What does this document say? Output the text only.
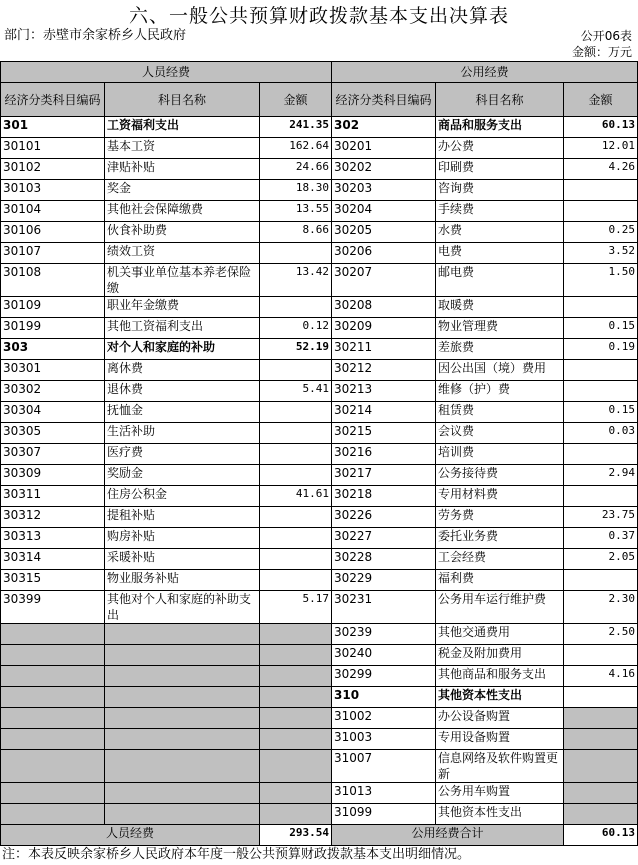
六、一般公共预算财政拨款基本支出决算表
部门：赤壁市余家桥乡人民政府	公开06表
金额：万元
人员经费			公用经费		
经济分类科目编码	科目名称	金额	经济分类科目编码	科目名称	金额
301	工资福利支出	241.35	302	商品和服务支出	60.13
30101	基本工资	162.64	30201	办公费	12.01
30102	津贴补贴	24.66	30202	印刷费	4.26
30103	奖金	18.30	30203	咨询费	
30104	其他社会保障缴费	13.55	30204	手续费	
30106	伙食补助费	8.66	30205	水费	0.25
30107	绩效工资		30206	电费	3.52
30108	机关事业单位基本养老保险缴	13.42	30207	邮电费	1.50
30109	职业年金缴费		30208	取暖费	
30199	其他工资福利支出	0.12	30209	物业管理费	0.15
303	对个人和家庭的补助	52.19	30211	差旅费	0.19
30301	离休费		30212	因公出国（境）费用	
30302	退休费	5.41	30213	维修（护）费	
30304	抚恤金		30214	租赁费	0.15
30305	生活补助		30215	会议费	0.03
30307	医疗费		30216	培训费	
30309	奖励金		30217	公务接待费	2.94
30311	住房公积金	41.61	30218	专用材料费	
30312	提租补贴		30226	劳务费	23.75
30313	购房补贴		30227	委托业务费	0.37
30314	采暖补贴		30228	工会经费	2.05
30315	物业服务补贴		30229	福利费	
30399	其他对个人和家庭的补助支出	5.17	30231	公务用车运行维护费	2.30
			30239	其他交通费用	2.50
			30240	税金及附加费用	
			30299	其他商品和服务支出	4.16
			310	其他资本性支出	
			31002	办公设备购置	
			31003	专用设备购置	
			31007	信息网络及软件购置更新	
			31013	公务用车购置	
			31099	其他资本性支出	
人员经费		293.54	公用经费合计		60.13
注：本表反映余家桥乡人民政府本年度一般公共预算财政拨款基本支出明细情况。
